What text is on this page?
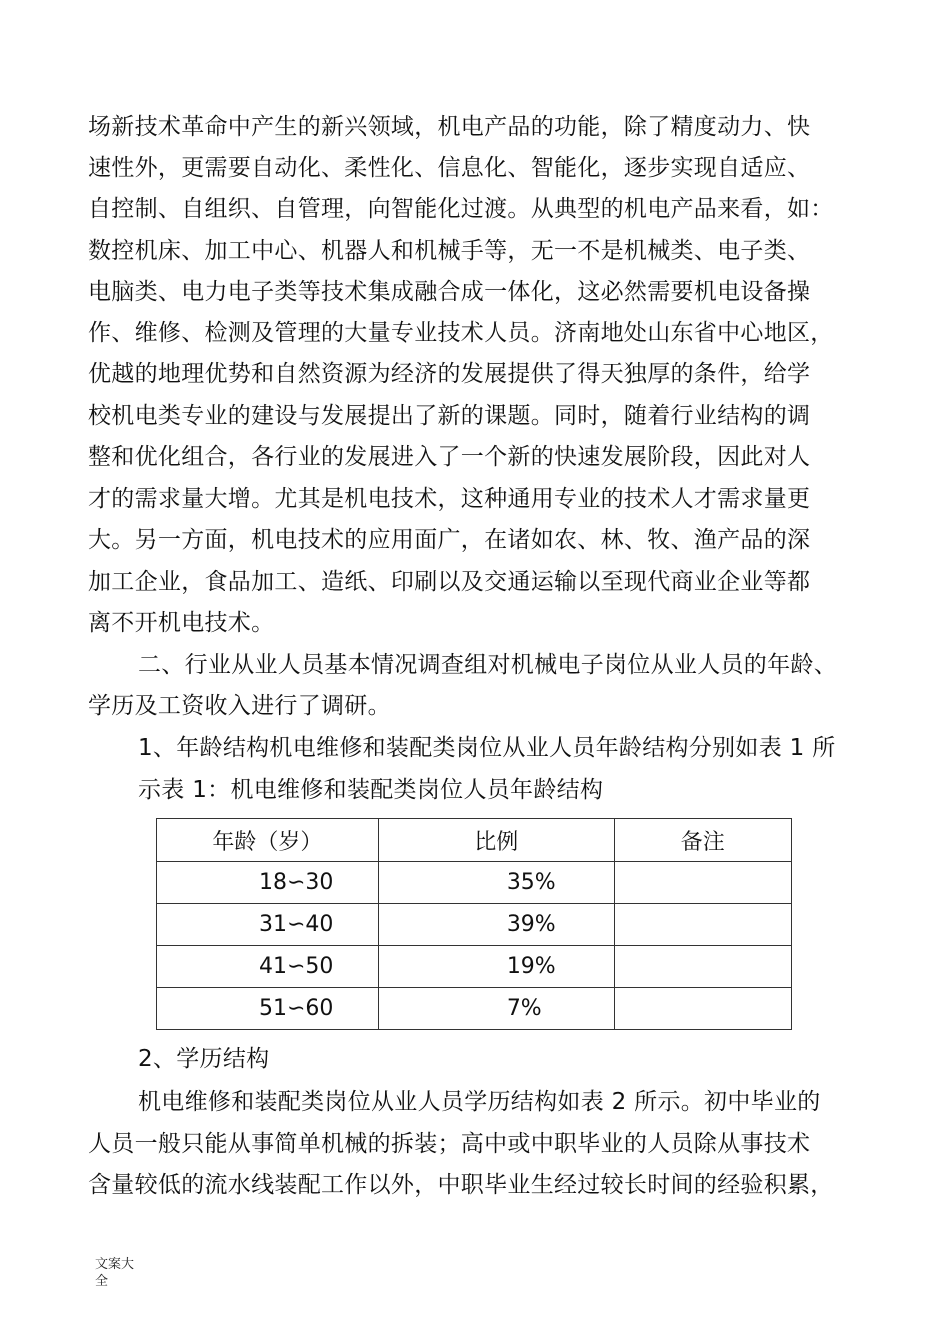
场新技术革命中产生的新兴领域，机电产品的功能，除了精度动力、快
速性外，更需要自动化、柔性化、信息化、智能化，逐步实现自适应、
自控制、自组织、自管理，向智能化过渡。从典型的机电产品来看，如：
数控机床、加工中心、机器人和机械手等，无一不是机械类、电子类、
电脑类、电力电子类等技术集成融合成一体化，这必然需要机电设备操
作、维修、检测及管理的大量专业技术人员。济南地处山东省中心地区，
优越的地理优势和自然资源为经济的发展提供了得天独厚的条件，给学
校机电类专业的建设与发展提出了新的课题。同时，随着行业结构的调
整和优化组合，各行业的发展进入了一个新的快速发展阶段，因此对人
才的需求量大增。尤其是机电技术，这种通用专业的技术人才需求量更
大。另一方面，机电技术的应用面广，在诸如农、林、牧、渔产品的深
加工企业，食品加工、造纸、印刷以及交通运输以至现代商业企业等都
离不开机电技术。
二、行业从业人员基本情况调查组对机械电子岗位从业人员的年龄、
学历及工资收入进行了调研。
1、年龄结构机电维修和装配类岗位从业人员年龄结构分别如表 1 所
示表 1：机电维修和装配类岗位人员年龄结构
年龄（岁）	比例	备注
18∽30	35%	
31∽40	39%	
41∽50	19%	
51∽60	7%	
2、学历结构
机电维修和装配类岗位从业人员学历结构如表 2 所示。初中毕业的
人员一般只能从事简单机械的拆装；高中或中职毕业的人员除从事技术
含量较低的流水线装配工作以外，中职毕业生经过较长时间的经验积累，
文案大全
